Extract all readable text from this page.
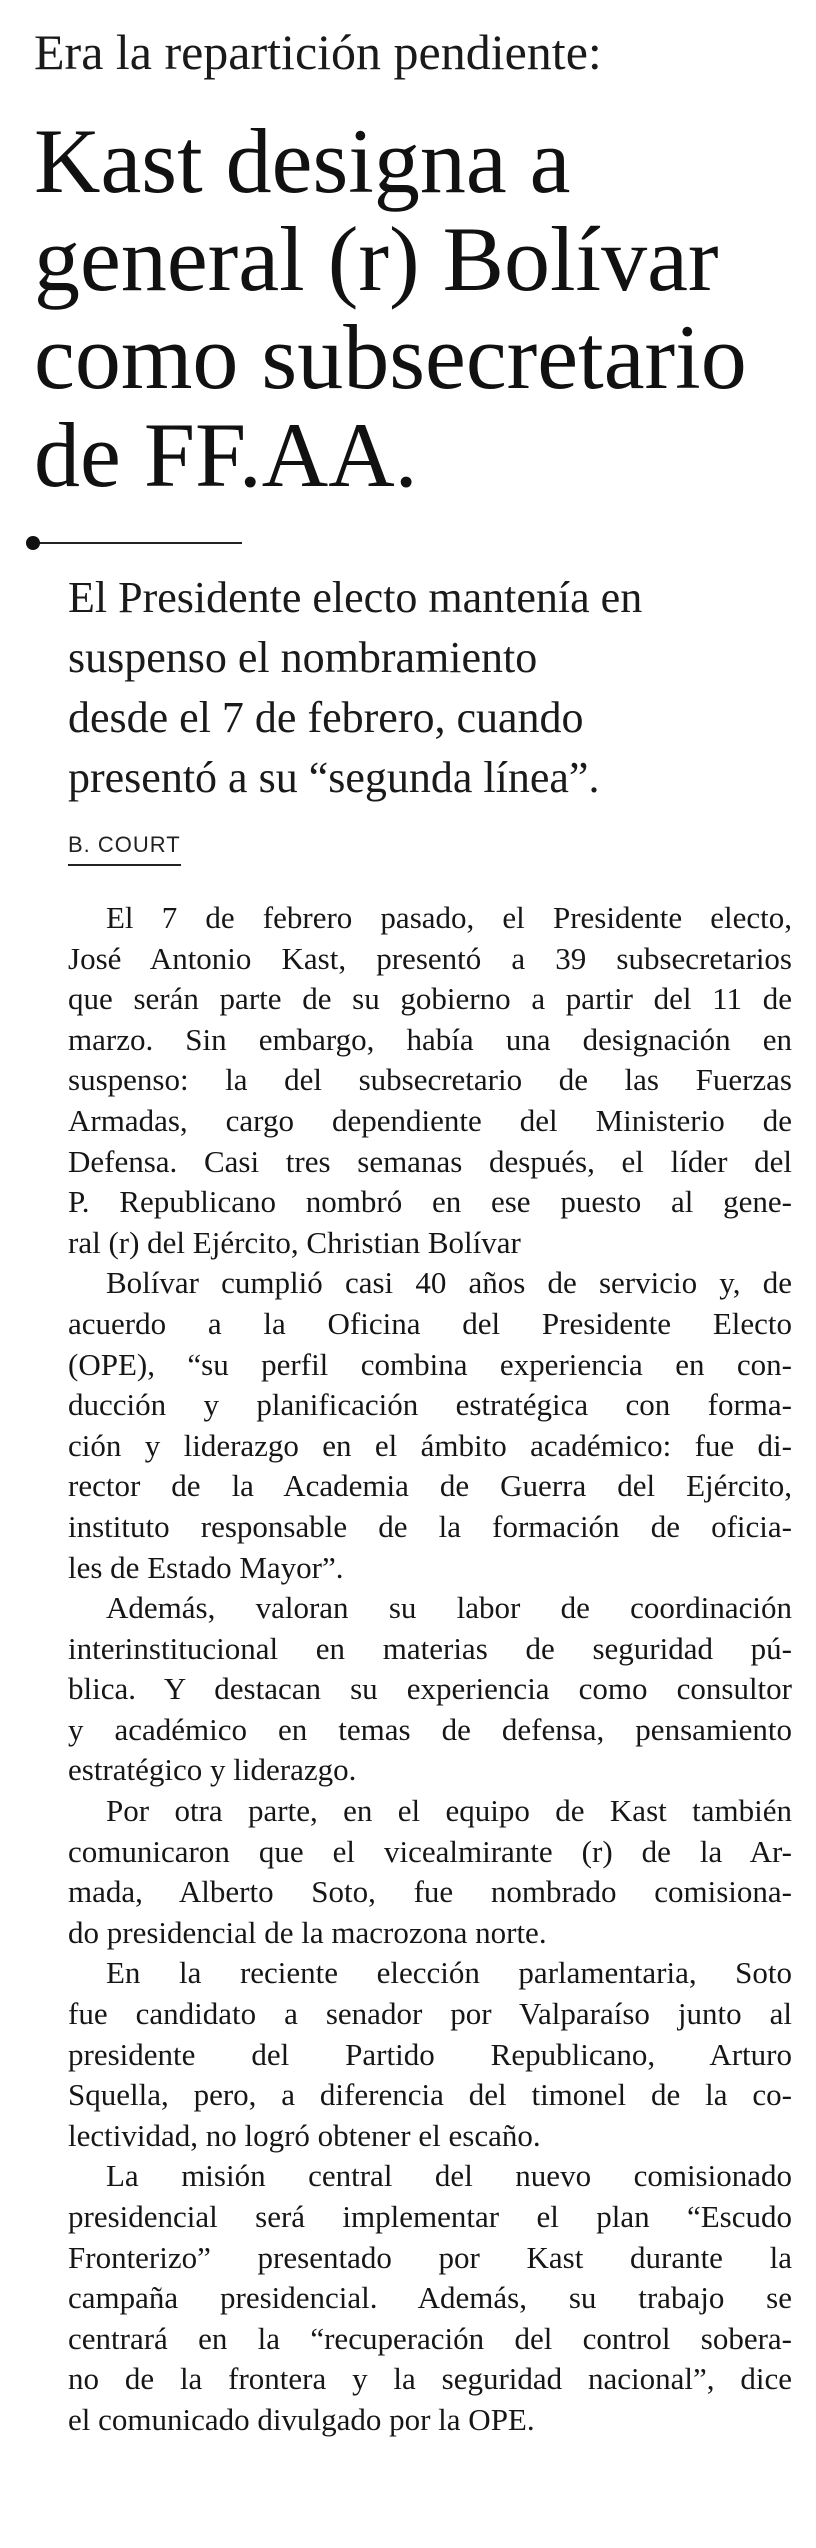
Era la repartición pendiente:
Kast designa a
general (r) Bolívar
como subsecretario
de FF.AA.
El Presidente electo mantenía en
suspenso el nombramiento
desde el 7 de febrero, cuando
presentó a su “segunda línea”.
B. COURT
El 7 de febrero pasado, el Presidente electo,
José Antonio Kast, presentó a 39 subsecretarios
que serán parte de su gobierno a partir del 11 de
marzo. Sin embargo, había una designación en
suspenso: la del subsecretario de las Fuerzas
Armadas, cargo dependiente del Ministerio de
Defensa. Casi tres semanas después, el líder del
P. Republicano nombró en ese puesto al gene-
ral (r) del Ejército, Christian Bolívar
Bolívar cumplió casi 40 años de servicio y, de
acuerdo a la Oficina del Presidente Electo
(OPE), “su perfil combina experiencia en con-
ducción y planificación estratégica con forma-
ción y liderazgo en el ámbito académico: fue di-
rector de la Academia de Guerra del Ejército,
instituto responsable de la formación de oficia-
les de Estado Mayor”.
Además, valoran su labor de coordinación
interinstitucional en materias de seguridad pú-
blica. Y destacan su experiencia como consultor
y académico en temas de defensa, pensamiento
estratégico y liderazgo.
Por otra parte, en el equipo de Kast también
comunicaron que el vicealmirante (r) de la Ar-
mada, Alberto Soto, fue nombrado comisiona-
do presidencial de la macrozona norte.
En la reciente elección parlamentaria, Soto
fue candidato a senador por Valparaíso junto al
presidente del Partido Republicano, Arturo
Squella, pero, a diferencia del timonel de la co-
lectividad, no logró obtener el escaño.
La misión central del nuevo comisionado
presidencial será implementar el plan “Escudo
Fronterizo” presentado por Kast durante la
campaña presidencial. Además, su trabajo se
centrará en la “recuperación del control sobera-
no de la frontera y la seguridad nacional”, dice
el comunicado divulgado por la OPE.
